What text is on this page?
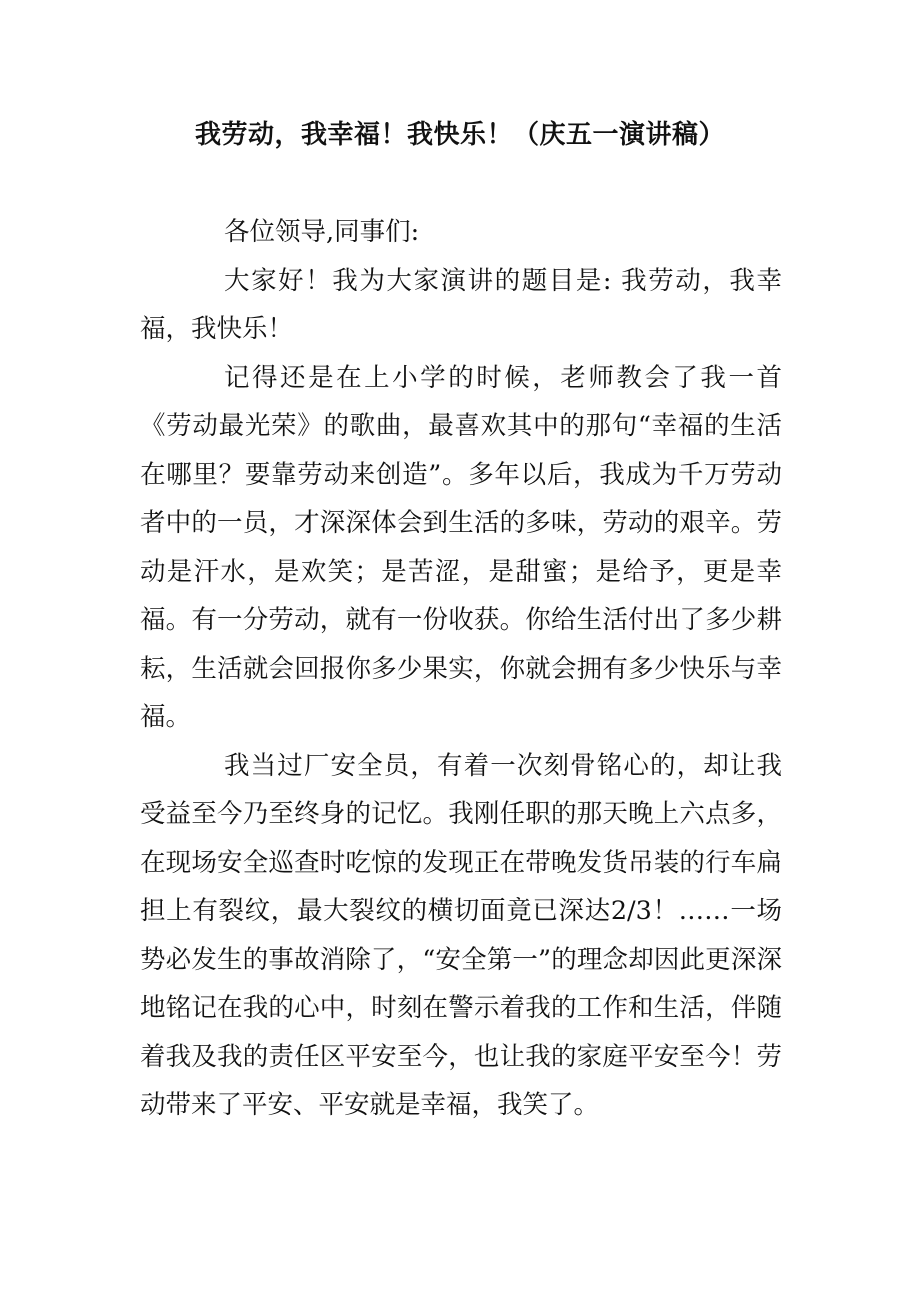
我劳动，我幸福！我快乐！（庆五一演讲稿）

各位领导,同事们:

大家好！我为大家演讲的题目是: 我劳动，我幸福，我快乐！

记得还是在上小学的时候，老师教会了我一首《劳动最光荣》的歌曲，最喜欢其中的那句“幸福的生活在哪里？要靠劳动来创造”。多年以后，我成为千万劳动者中的一员，才深深体会到生活的多味，劳动的艰辛。劳动是汗水，是欢笑；是苦涩，是甜蜜；是给予，更是幸福。有一分劳动，就有一份收获。你给生活付出了多少耕耘，生活就会回报你多少果实，你就会拥有多少快乐与幸福。

我当过厂安全员，有着一次刻骨铭心的，却让我受益至今乃至终身的记忆。我刚任职的那天晚上六点多，在现场安全巡查时吃惊的发现正在带晚发货吊装的行车扁担上有裂纹，最大裂纹的横切面竟已深达2/3！……一场势必发生的事故消除了，“安全第一”的理念却因此更深深地铭记在我的心中，时刻在警示着我的工作和生活，伴随着我及我的责任区平安至今，也让我的家庭平安至今！劳动带来了平安、平安就是幸福，我笑了。
